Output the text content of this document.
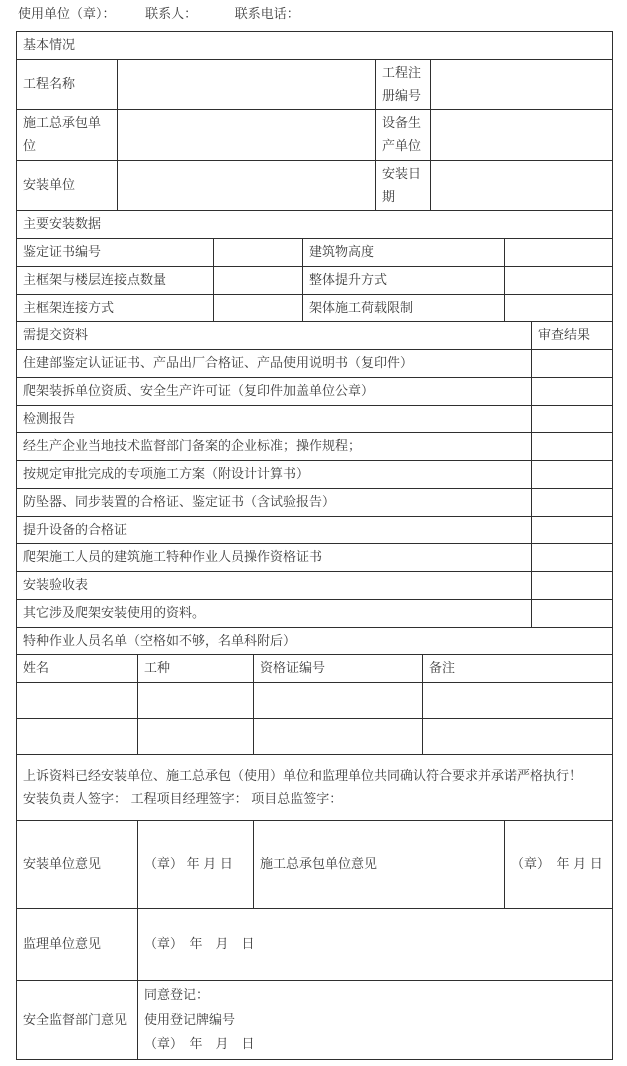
使用单位（章）： 联系人：	联系电话：
基本情况										
工程名称						工程注册编号				
施工总承包单位						设备生产单位				
安装单位						安装日期				
主要安装数据										
鉴定证书编号					建筑物高度					
主框架与楼层连接点数量					整体提升方式					
主框架连接方式					架体施工荷载限制					
需提交资料										审查结果
住建部鉴定认证证书、产品出厂合格证、产品使用说明书（复印件）										
爬架装拆单位资质、安全生产许可证（复印件加盖单位公章）										
检测报告										
经生产企业当地技术监督部门备案的企业标准；操作规程；										
按规定审批完成的专项施工方案（附设计计算书）										
防坠器、同步装置的合格证、鉴定证书（含试验报告）										
提升设备的合格证										
爬架施工人员的建筑施工特种作业人员操作资格证书										
安装验收表										
其它涉及爬架安装使用的资料。										
特种作业人员名单（空格如不够，名单科附后）										
姓名		工种		资格证编号			备注			

上诉资料已经安装单位、施工总承包（使用）单位和监理单位共同确认符合要求并承诺严格执行！
安装负责人签字： 工程项目经理签字： 项目总监签字：										

安装单位意见		（章） 年 月 日		施工总承包单位意见					（章）　年 月 日	
监理单位意见		（章）　年　月　日								
安全监督部门意见		同意登记：
使用登记牌编号
（章）　年　月　日								
